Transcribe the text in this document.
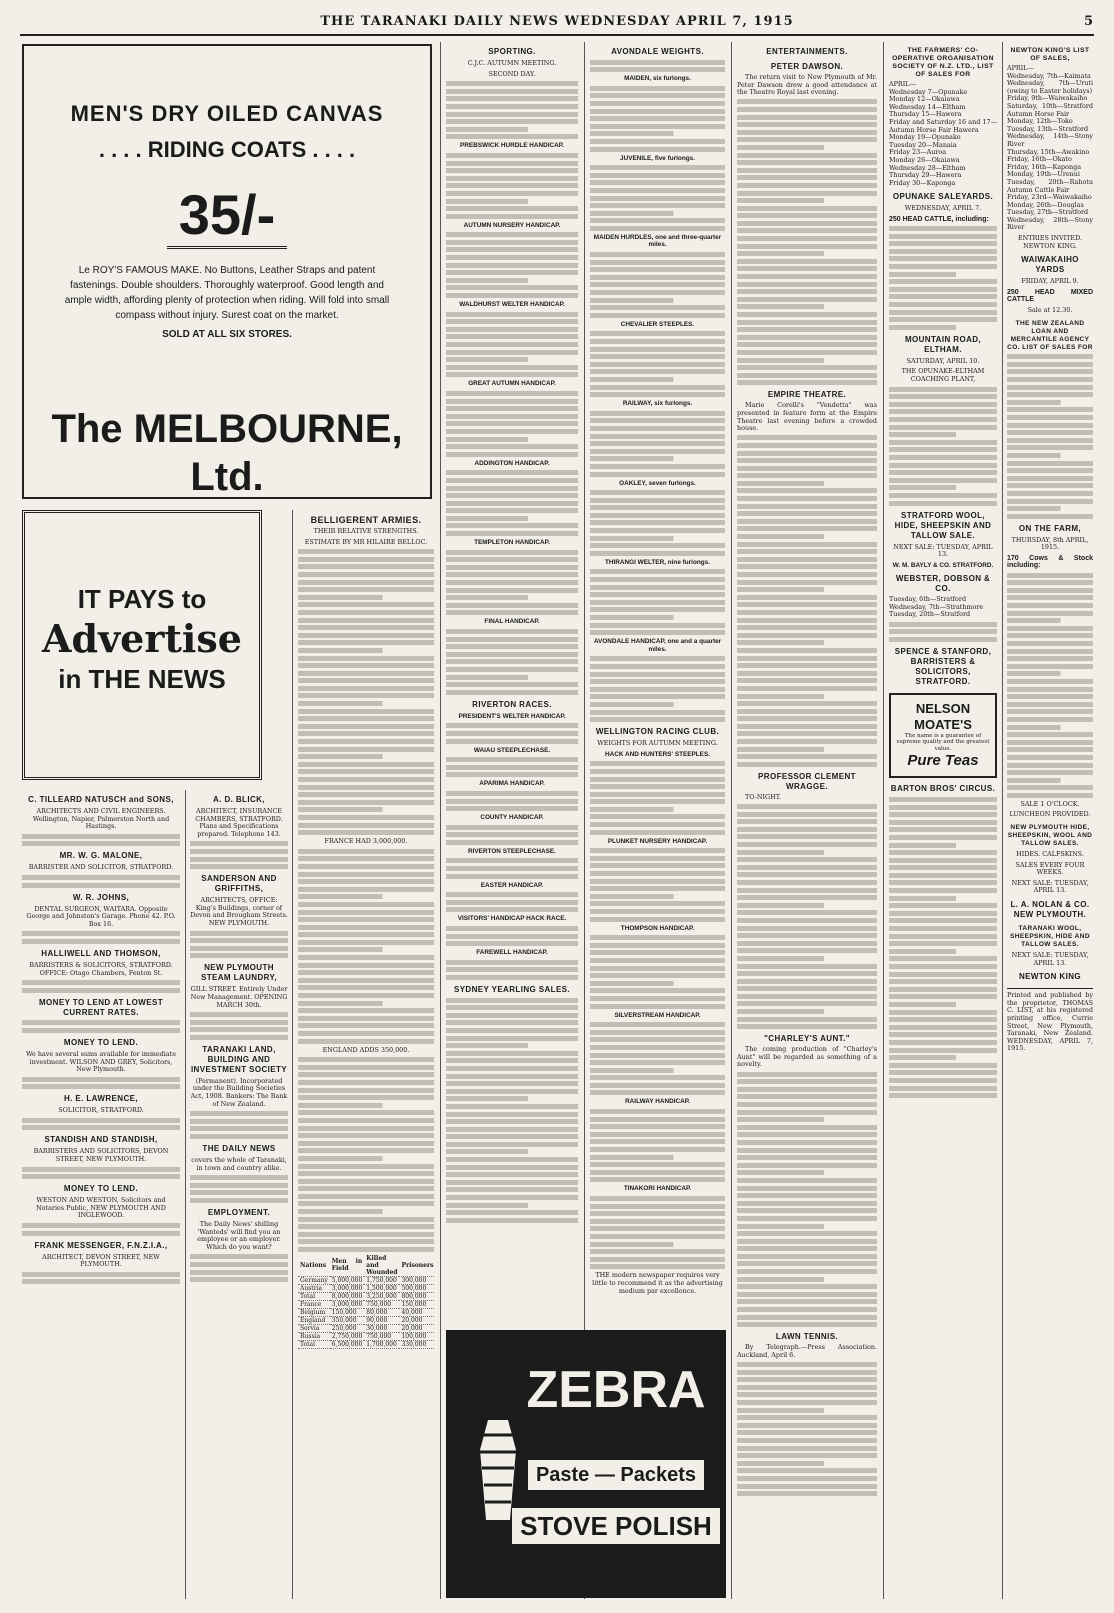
THE TARANAKI DAILY NEWS WEDNESDAY APRIL 7, 1915	5
MEN'S DRY OILED CANVAS
. . . . RIDING COATS . . . .
35/-
Le ROY'S FAMOUS MAKE. No Buttons, Leather Straps and patent fastenings. Double shoulders. Thoroughly waterproof. Good length and ample width, affording plenty of protection when riding. Will fold into small compass without injury. Surest coat on the market.
SOLD AT ALL SIX STORES.
The MELBOURNE, Ltd.
IT PAYS to
Advertise
in THE NEWS
C. TILLEARD NATUSCH and SONS,
ARCHITECTS AND CIVIL ENGINEERS. Wellington, Napier, Palmerston North and Hastings.
MR. W. G. MALONE,
BARRISTER AND SOLICITOR, STRATFORD.
W. R. JOHNS,
DENTAL SURGEON, WAITARA. Opposite George and Johnston's Garage. Phone 42. P.O. Box 16.
HALLIWELL AND THOMSON,
BARRISTERS & SOLICITORS, STRATFORD. OFFICE: Otago Chambers, Fenton St.
MONEY TO LEND AT LOWEST CURRENT RATES.
MONEY TO LEND.
We have several sums available for immediate investment. WILSON AND GREY, Solicitors, New Plymouth.
H. E. LAWRENCE,
SOLICITOR, STRATFORD.
STANDISH AND STANDISH,
BARRISTERS AND SOLICITORS, DEVON STREET, NEW PLYMOUTH.
MONEY TO LEND.
WESTON AND WESTON, Solicitors and Notaries Public, NEW PLYMOUTH AND INGLEWOOD.
FRANK MESSENGER, F.N.Z.I.A.,
ARCHITECT, DEVON STREET, NEW PLYMOUTH.
A. D. BLICK,
ARCHITECT, INSURANCE CHAMBERS, STRATFORD. Plans and Specifications prepared. Telephone 143.
SANDERSON AND GRIFFITHS,
ARCHITECTS, OFFICE: King's Buildings, corner of Devon and Brougham Streets. NEW PLYMOUTH.
NEW PLYMOUTH STEAM LAUNDRY,
GILL STREET. Entirely Under New Management. OPENING MARCH 30th.
TARANAKI LAND, BUILDING AND INVESTMENT SOCIETY
(Permanent). Incorporated under the Building Societies Act, 1908. Bankers: The Bank of New Zealand.
THE DAILY NEWS
covers the whole of Taranaki, in town and country alike.
EMPLOYMENT.
The Daily News' shilling 'Wanteds' will find you an employee or an employer. Which do you want?
BELLIGERENT ARMIES.
THEIR RELATIVE STRENGTHS.
ESTIMATE BY MR HILAIRE BELLOC.
FRANCE HAD 3,000,000.
ENGLAND ADDS 350,000.
Nations	Men in Field	Killed and Wounded	Prisoners
Germany	5,000,000	1,750,000	300,000
Austria	3,000,000	1,500,000	500,000
Total	8,000,000	3,250,000	800,000
France	3,000,000	750,000	150,000
Belgium	150,000	80,000	40,000
England	350,000	90,000	20,000
Servia	250,000	30,000	20,000
Russia	2,750,000	750,000	100,000
Total	6,500,000	1,700,000	330,000
SPORTING.
C.J.C. AUTUMN MEETING.
SECOND DAY.
PREBSWICK HURDLE HANDICAP.
AUTUMN NURSERY HANDICAP.
WALDHURST WELTER HANDICAP.
GREAT AUTUMN HANDICAP.
ADDINGTON HANDICAP.
TEMPLETON HANDICAP.
FINAL HANDICAP.
RIVERTON RACES.
PRESIDENT'S WELTER HANDICAP.
WAIAU STEEPLECHASE.
APARIMA HANDICAP.
COUNTY HANDICAP.
RIVERTON STEEPLECHASE.
EASTER HANDICAP.
VISITORS' HANDICAP HACK RACE.
FAREWELL HANDICAP.
SYDNEY YEARLING SALES.
AVONDALE WEIGHTS.
MAIDEN, six furlongs.
JUVENILE, five furlongs.
MAIDEN HURDLES, one and three-quarter miles.
CHEVALIER STEEPLES.
RAILWAY, six furlongs.
OAKLEY, seven furlongs.
THIRANGI WELTER, nine furlongs.
AVONDALE HANDICAP, one and a quarter miles.
WELLINGTON RACING CLUB.
WEIGHTS FOR AUTUMN MEETING.
HACK AND HUNTERS' STEEPLES.
PLUNKET NURSERY HANDICAP.
THOMPSON HANDICAP.
SILVERSTREAM HANDICAP.
RAILWAY HANDICAP.
TINAKORI HANDICAP.
THE modern newspaper requires very little to recommend it as the advertising medium par excellence.
ZEBRA
Paste — Packets STOVE POLISH
ENTERTAINMENTS.
PETER DAWSON.

The return visit to New Plymouth of Mr. Peter Dawson drew a good attendance at the Theatre Royal last evening.

EMPIRE THEATRE.

Marie Corelli's "Vendetta" was presented in feature form at the Empire Theatre last evening before a crowded house.

PROFESSOR CLEMENT WRAGGE.

TO-NIGHT.

"CHARLEY'S AUNT."

The coming production of "Charley's Aunt" will be regarded as something of a novelty.

LAWN TENNIS.

By Telegraph.—Press Association. Auckland, April 6.

THE FARMERS' CO-OPERATIVE ORGANISATION SOCIETY OF N.Z. LTD., LIST OF SALES FOR
APRIL—
Wednesday 7—Opunake
Monday 12—Okaiawa
Wednesday 14—Eltham
Thursday 15—Hawera
Friday and Saturday 16 and 17—Autumn Horse Fair Hawera
Monday 19—Opunake
Tuesday 20—Manaia
Friday 23—Auroa
Monday 26—Okaiawa
Wednesday 28—Eltham
Thursday 29—Hawera
Friday 30—Kaponga
OPUNAKE SALEYARDS.
WEDNESDAY, APRIL 7.
250 HEAD CATTLE, including:
MOUNTAIN ROAD, ELTHAM.
SATURDAY, APRIL 10.
THE OPUNAKE-ELTHAM COACHING PLANT,
STRATFORD WOOL, HIDE, SHEEPSKIN AND TALLOW SALE.
NEXT SALE: TUESDAY, APRIL 13.
W. M. BAYLY & CO. STRATFORD.
WEBSTER, DOBSON & CO.
Tuesday, 6th—Stratford
Wednesday, 7th—Strathmore
Tuesday, 20th—Stratford
SPENCE & STANFORD, BARRISTERS & SOLICITORS, STRATFORD.
NELSON MOATE'S
The name is a guarantee of supreme quality and the greatest value.
Pure Teas
BARTON BROS' CIRCUS.
NEWTON KING'S LIST OF SALES,
APRIL—
Wednesday, 7th—Kaimata
Wednesday, 7th—Uruti (owing to Easter holidays)
Friday, 9th—Waiwakaiho
Saturday, 10th—Stratford Autumn Horse Fair
Monday, 12th—Toko
Tuesday, 13th—Stratford
Wednesday, 14th—Stony River
Thursday, 15th—Awakino
Friday, 16th—Okato
Friday, 16th—Kaponga
Monday, 19th—Urenui
Tuesday, 20th—Rahotu Autumn Cattle Fair
Friday, 23rd—Waiwakaiho
Monday, 26th—Douglas
Tuesday, 27th—Stratford
Wednesday, 28th—Stony River
ENTRIES INVITED. NEWTON KING.
WAIWAKAIHO YARDS
FRIDAY, APRIL 9.
250 HEAD MIXED CATTLE
Sale at 12.30.
THE NEW ZEALAND LOAN AND MERCANTILE AGENCY CO. LIST OF SALES FOR
ON THE FARM,
THURSDAY, 8th APRIL, 1915.
170 Cows & Stock including:
SALE 1 O'CLOCK.
LUNCHEON PROVIDED.
NEW PLYMOUTH HIDE, SHEEPSKIN, WOOL AND TALLOW SALES.
HIDES. CALFSKINS.
SALES EVERY FOUR WEEKS.
NEXT SALE: TUESDAY, APRIL 13.
L. A. NOLAN & CO. NEW PLYMOUTH.
TARANAKI WOOL, SHEEPSKIN, HIDE AND TALLOW SALES.
NEXT SALE: TUESDAY, APRIL 13.
NEWTON KING
Printed and published by the proprietor, THOMAS C. LIST, at his registered printing office, Currie Street, New Plymouth, Taranaki, New Zealand. WEDNESDAY, APRIL 7, 1915.
